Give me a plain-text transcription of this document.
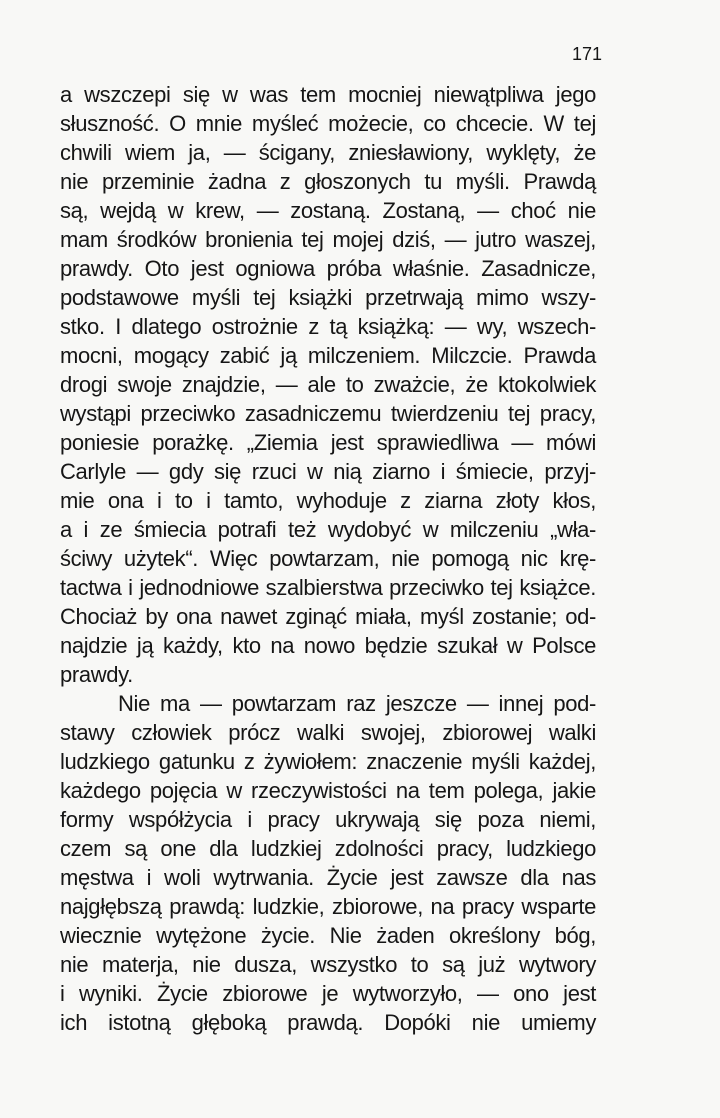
171
a wszczepi się w was tem mocniej niewątpliwa jego
słuszność. O mnie myśleć możecie, co chcecie. W tej
chwili wiem ja, — ścigany, zniesławiony, wyklęty, że
nie przeminie żadna z głoszonych tu myśli. Prawdą
są, wejdą w krew, — zostaną. Zostaną, — choć nie
mam środków bronienia tej mojej dziś, — jutro waszej,
prawdy. Oto jest ogniowa próba właśnie. Zasadnicze,
podstawowe myśli tej książki przetrwają mimo wszy-
stko. I dlatego ostrożnie z tą książką: — wy, wszech-
mocni, mogący zabić ją milczeniem. Milczcie. Prawda
drogi swoje znajdzie, — ale to zważcie, że ktokolwiek
wystąpi przeciwko zasadniczemu twierdzeniu tej pracy,
poniesie porażkę. „Ziemia jest sprawiedliwa — mówi
Carlyle — gdy się rzuci w nią ziarno i śmiecie, przyj-
mie ona i to i tamto, wyhoduje z ziarna złoty kłos,
a i ze śmiecia potrafi też wydobyć w milczeniu „wła-
ściwy użytek“. Więc powtarzam, nie pomogą nic krę-
tactwa i jednodniowe szalbierstwa przeciwko tej książce.
Chociaż by ona nawet zginąć miała, myśl zostanie; od-
najdzie ją każdy, kto na nowo będzie szukał w Polsce
prawdy.
Nie ma — powtarzam raz jeszcze — innej pod-
stawy człowiek prócz walki swojej, zbiorowej walki
ludzkiego gatunku z żywiołem: znaczenie myśli każdej,
każdego pojęcia w rzeczywistości na tem polega, jakie
formy współżycia i pracy ukrywają się poza niemi,
czem są one dla ludzkiej zdolności pracy, ludzkiego
męstwa i woli wytrwania. Życie jest zawsze dla nas
najgłębszą prawdą: ludzkie, zbiorowe, na pracy wsparte
wiecznie wytężone życie. Nie żaden określony bóg,
nie materja, nie dusza, wszystko to są już wytwory
i wyniki. Życie zbiorowe je wytworzyło, — ono jest
ich istotną głęboką prawdą. Dopóki nie umiemy
